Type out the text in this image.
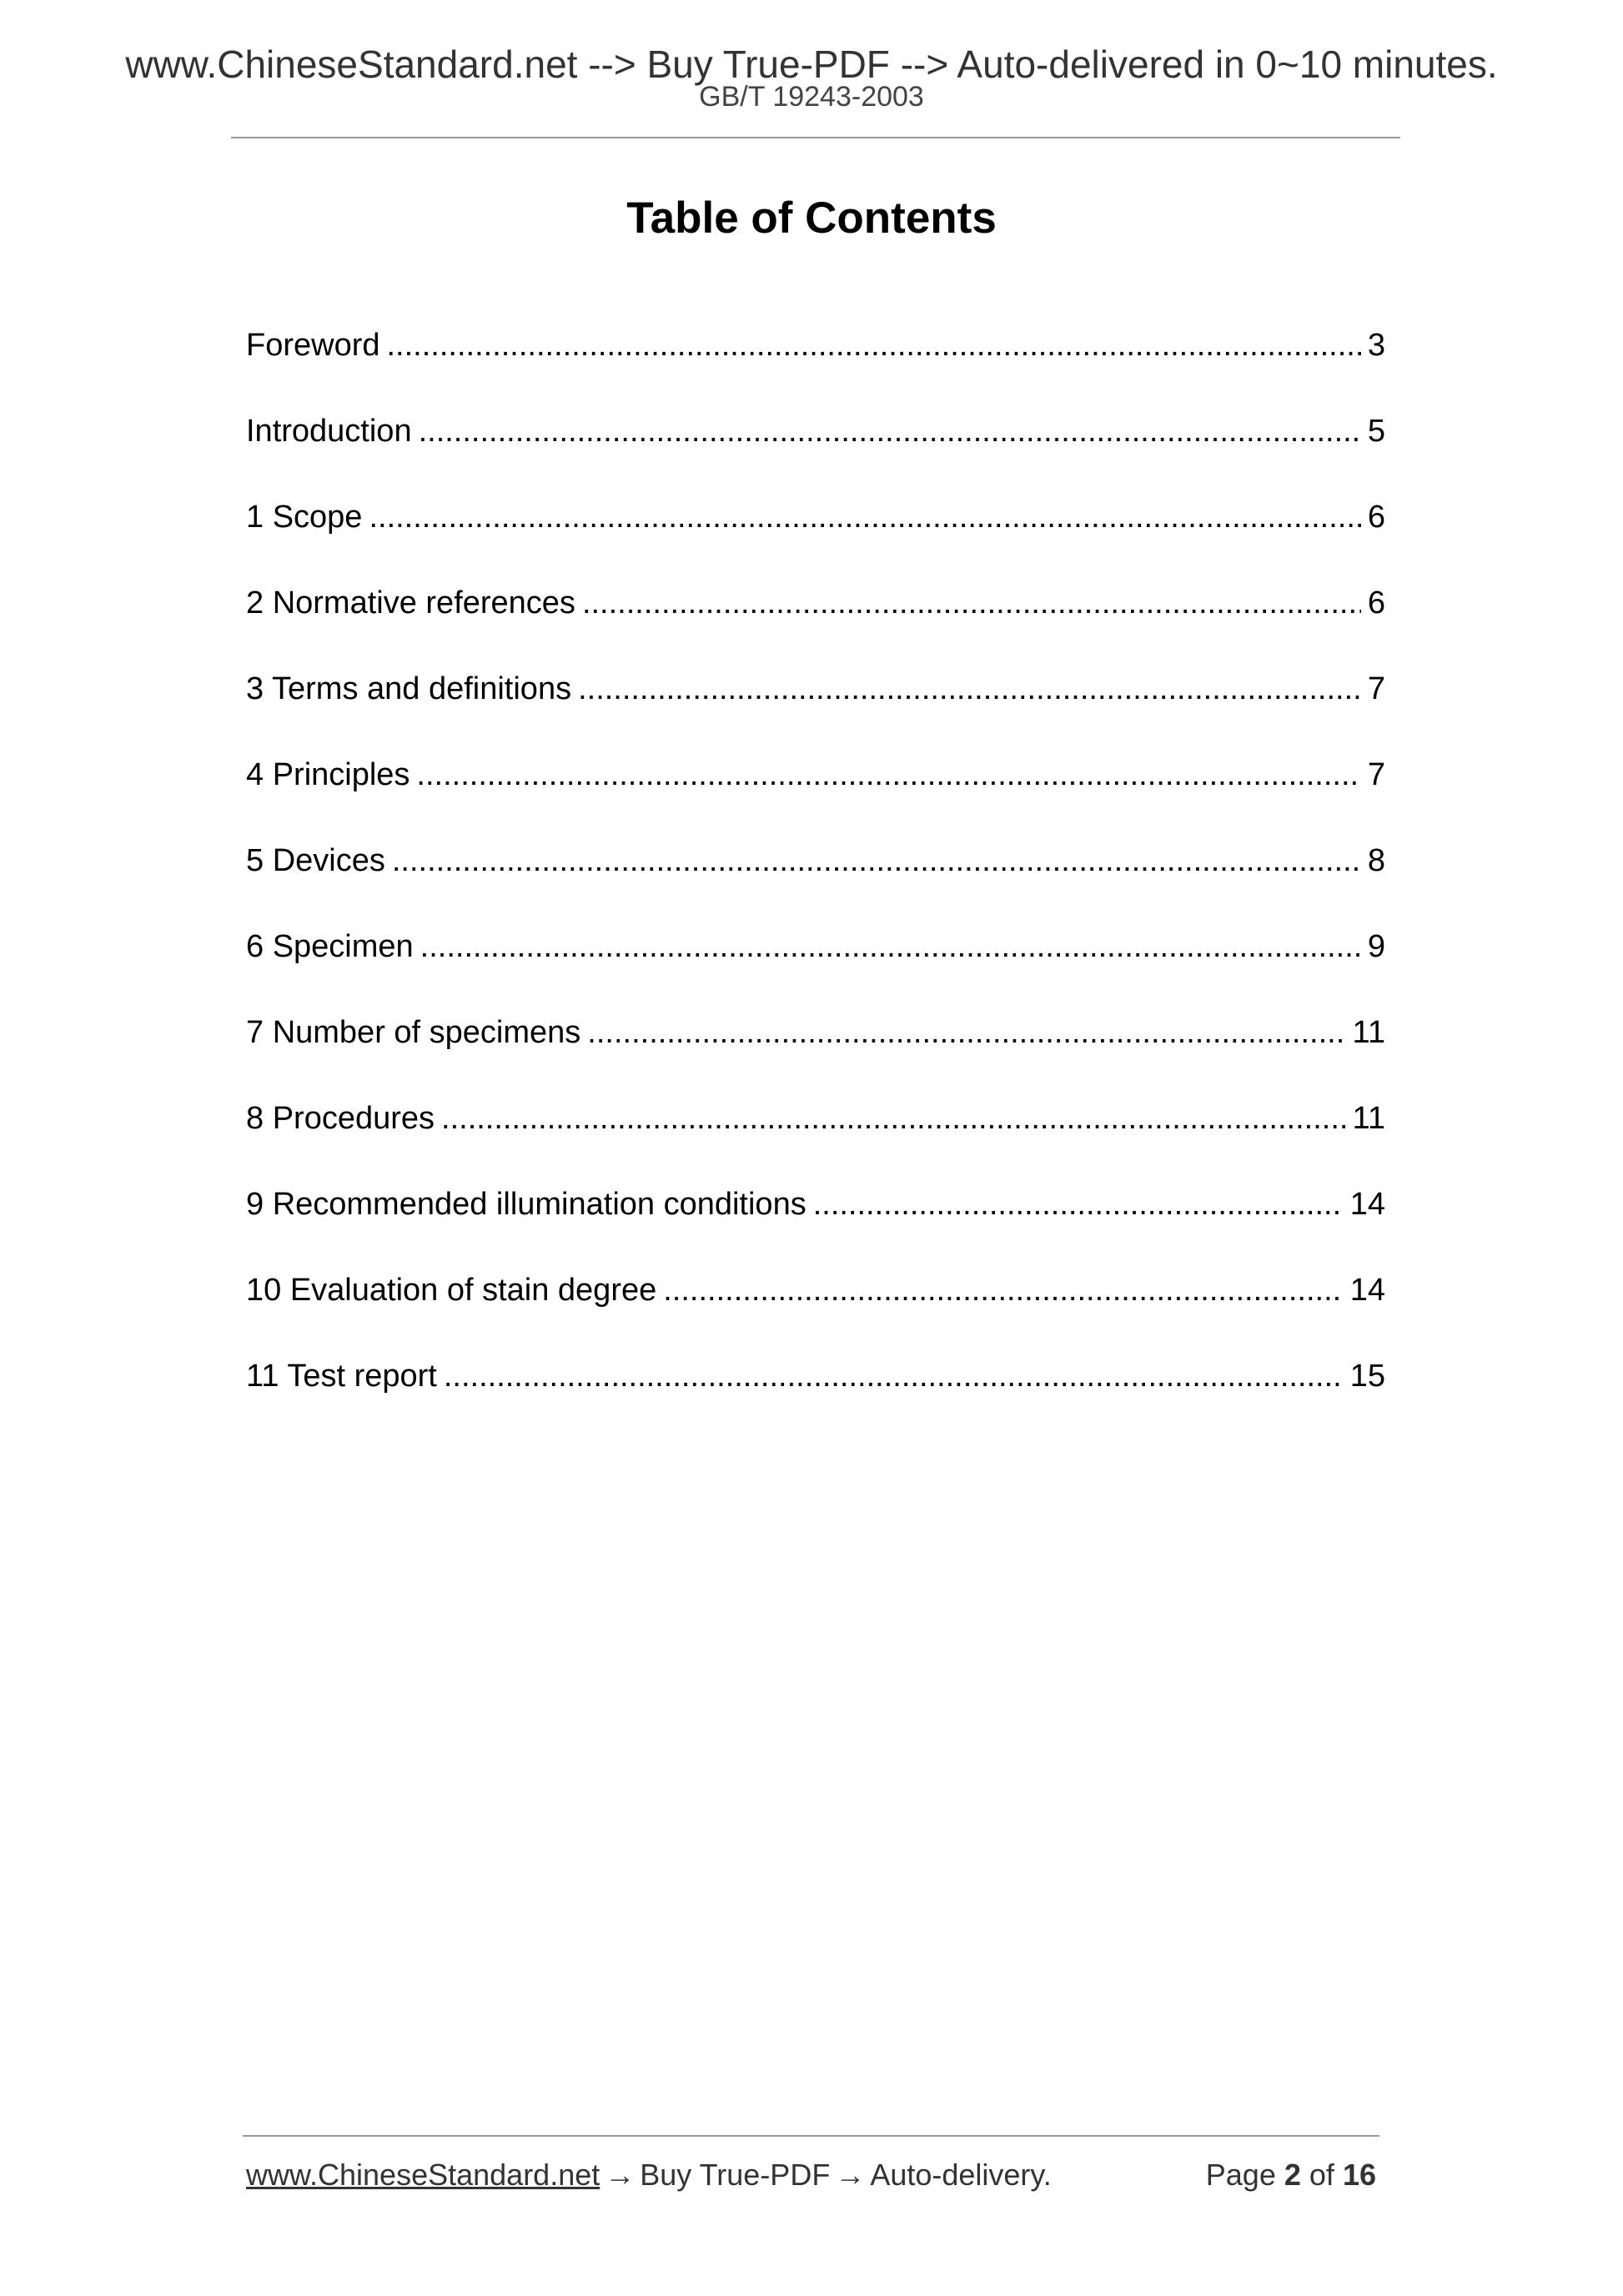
www.ChineseStandard.net --> Buy True-PDF --> Auto-delivered in 0~10 minutes.
GB/T 19243-2003
Table of Contents
Foreword .....	3
Introduction .....	5
1 Scope .....	6
2 Normative references .....	6
3 Terms and definitions .....	7
4 Principles .....	7
5 Devices .....	8
6 Specimen .....	9
7 Number of specimens .....	11
8 Procedures .....	11
9 Recommended illumination conditions .....	14
10 Evaluation of stain degree .....	14
11 Test report .....	15
www.ChineseStandard.net → Buy True-PDF → Auto-delivery.	Page 2 of 16
